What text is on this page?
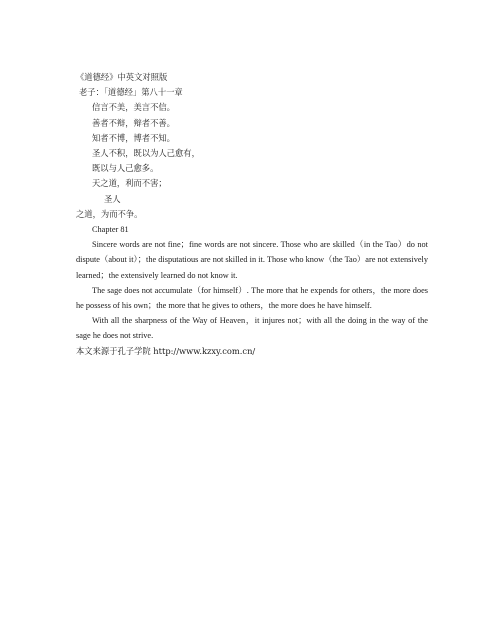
《道德经》中英文对照版
老子：「道德经」第八十一章
信言不美，美言不信。
善者不辩，辩者不善。
知者不博，博者不知。
圣人不积，既以为人己愈有，
既以与人己愈多。
天之道，利而不害；
圣人
之道，为而不争。
Chapter 81

Sincere words are not fine；fine words are not sincere. Those who are skilled（in the Tao）do not dispute（about it）；the disputatious are not skilled in it. Those who know（the Tao）are not extensively learned；the extensively learned do not know it.

The sage does not accumulate（for himself）. The more that he expends for others，the more does he possess of his own；the more that he gives to others，the more does he have himself.

With all the sharpness of the Way of Heaven，it injures not；with all the doing in the way of the sage he does not strive.

本文来源于孔子学院 http://www.kzxy.com.cn/
